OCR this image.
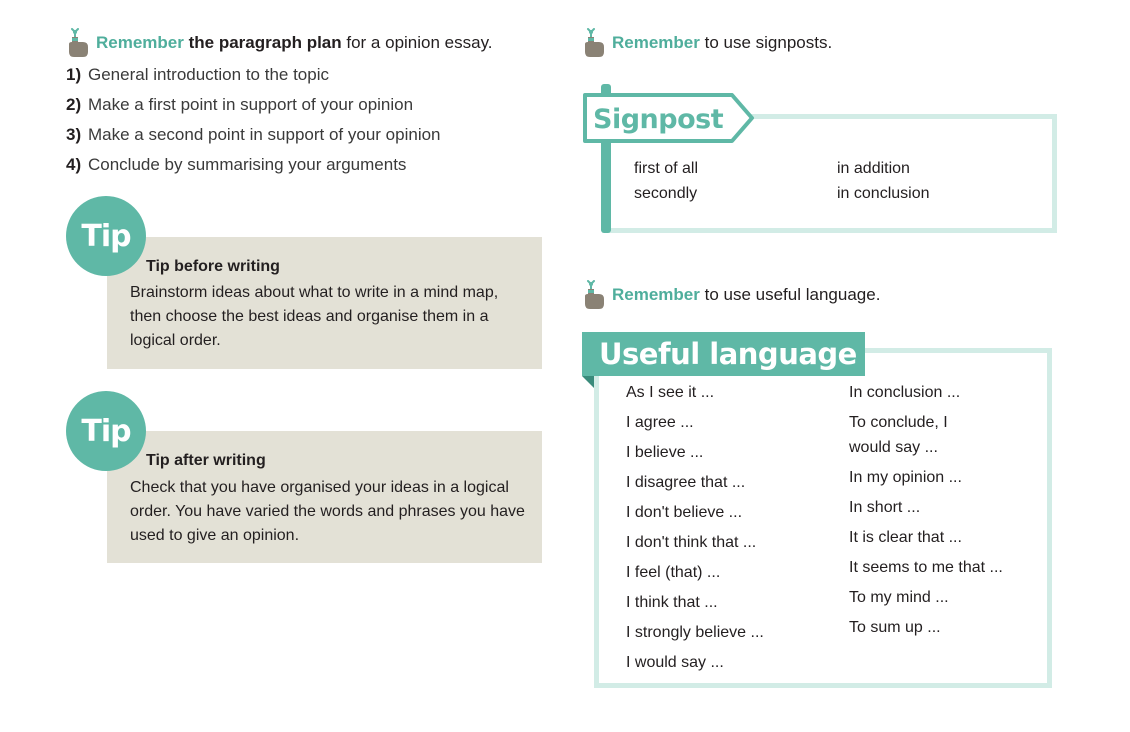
Remember
the paragraph plan
for a opinion essay.
1) General introduction to the topic
2) Make a first point in support of your opinion
3) Make a second point in support of your opinion
4) Conclude by summarising your arguments
Tip
Tip before writing
Brainstorm ideas about what to write in a mind map, then choose the best ideas and organise them in a logical order.
Tip
Tip after writing
Check that you have organised your ideas in a logical order. You have varied the words and phrases you have used to give an opinion.
Remember
to use signposts.
Signpost
first of all
secondly
in addition
in conclusion
Remember
to use useful language.
Useful language
As I see it ...
I agree ...
I believe ...
I disagree that ...
I don't believe ...
I don't think that ...
I feel (that) ...
I think that ...
I strongly believe ...
I would say ...
In conclusion ...
To conclude, I
would say ...
In my opinion ...
In short ...
It is clear that ...
It seems to me that ...
To my mind ...
To sum up ...
